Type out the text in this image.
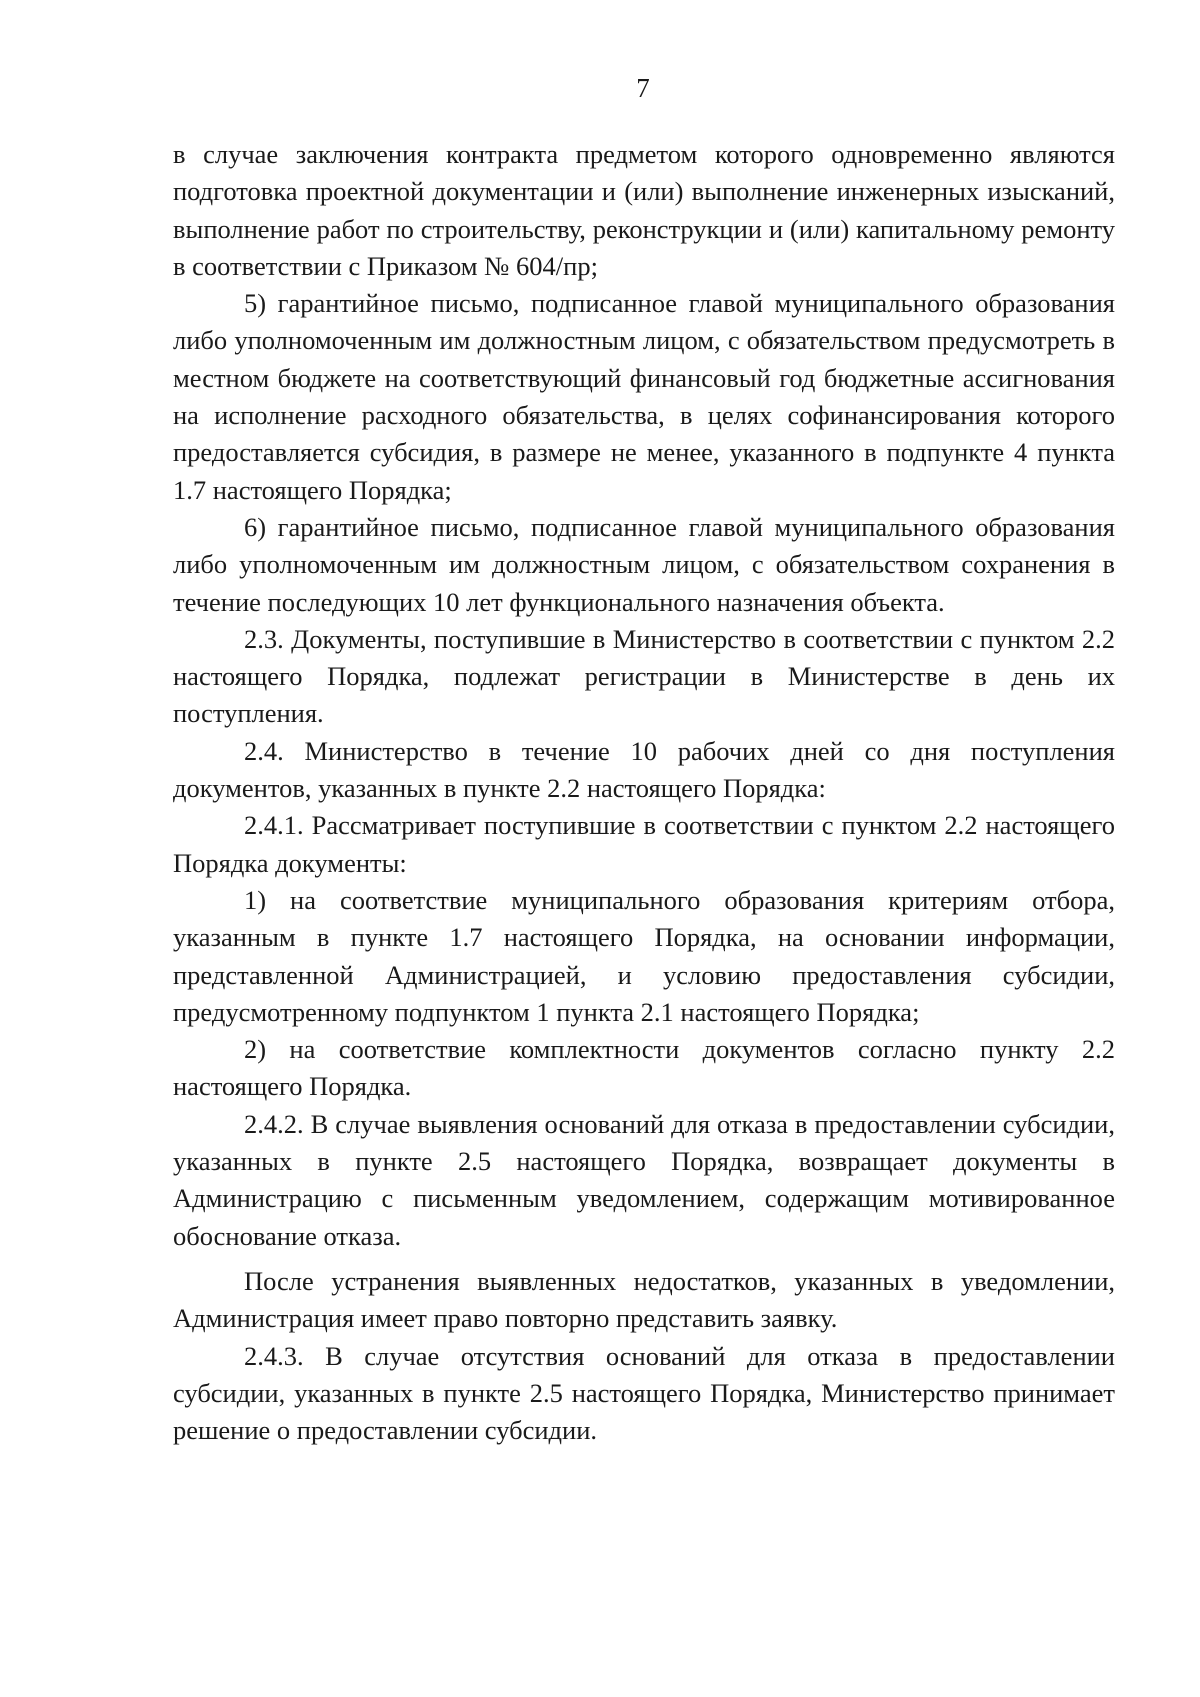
7

в случае заключения контракта предметом которого одновременно являются подготовка проектной документации и (или) выполнение инженерных изысканий, выполнение работ по строительству, реконструкции и (или) капитальному ремонту в соответствии с Приказом № 604/пр;

5) гарантийное письмо, подписанное главой муниципального образования либо уполномоченным им должностным лицом, с обязательством предусмотреть в местном бюджете на соответствующий финансовый год бюджетные ассигнования на исполнение расходного обязательства, в целях софинансирования которого предоставляется субсидия, в размере не менее, указанного в подпункте 4 пункта 1.7 настоящего Порядка;

6) гарантийное письмо, подписанное главой муниципального образования либо уполномоченным им должностным лицом, с обязательством сохранения в течение последующих 10 лет функционального назначения объекта.

2.3. Документы, поступившие в Министерство в соответствии с пунктом 2.2 настоящего Порядка, подлежат регистрации в Министерстве в день их поступления.

2.4. Министерство в течение 10 рабочих дней со дня поступления документов, указанных в пункте 2.2 настоящего Порядка:

2.4.1. Рассматривает поступившие в соответствии с пунктом 2.2 настоящего Порядка документы:

1) на соответствие муниципального образования критериям отбора, указанным в пункте 1.7 настоящего Порядка, на основании информации, представленной Администрацией, и условию предоставления субсидии, предусмотренному подпунктом 1 пункта 2.1 настоящего Порядка;

2) на соответствие комплектности документов согласно пункту 2.2 настоящего Порядка.

2.4.2. В случае выявления оснований для отказа в предоставлении субсидии, указанных в пункте 2.5 настоящего Порядка, возвращает документы в Администрацию с письменным уведомлением, содержащим мотивированное обоснование отказа.

После устранения выявленных недостатков, указанных в уведомлении, Администрация имеет право повторно представить заявку.

2.4.3. В случае отсутствия оснований для отказа в предоставлении субсидии, указанных в пункте 2.5 настоящего Порядка, Министерство принимает решение о предоставлении субсидии.
